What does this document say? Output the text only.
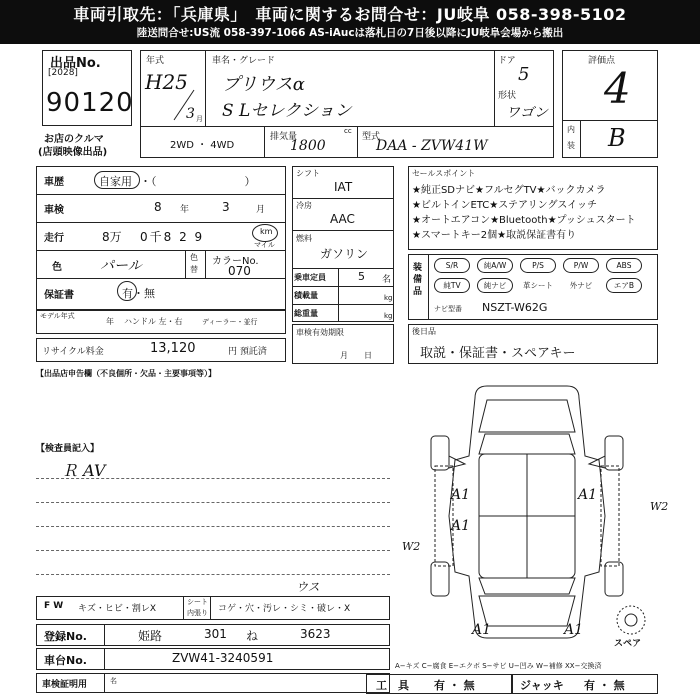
車両引取先：「兵庫県」　車両に関するお問合せ：JU岐阜 058-398-5102
陸送問合せ:US流 058-397-1066 AS-iAucは落札日の7日後以降にJU岐阜会場から搬出
出品No.
[2028]
90120
お店のクルマ
(店頭映像出品)
年式
H25
3 月
車名・グレード
プリウスα
S Lセレクション
ドア
5
形状
ワゴン
2WD ・ 4WD
排気量
cc
1800
型式
DAA - ZVW41W
評価点
4
内
装 B
車歴	自家用 ・（　　　　　　　　）
車検	8 年	3	月
走行	8万 0千8 2 9	km
マイル
色	パール
色
替
カラーNo.
070
保証書	有・無
モデル年式
年 ハンドル 左・右	ディーラー・並行
リサイクル料金	13,120	円 預託済
シフト
IAT
冷房
AAC
燃料
ガソリン
乗車定員	5 名
積載量	kg
総重量	kg
車検有効期限
月　　日
セールスポイント
★純正SDナビ★フルセグTV★バックカメラ
★ビルトインETC★ステアリングスイッチ
★オートエアコン★Bluetooth★プッシュスタート
★スマートキー2個★取説保証書有り
装備品
S/R	純A/W	P/S	P/W	ABS
純TV	純ナビ	革シート	外ナビ	エアB
ナビ型番 NSZT-W62G
後日品
取説・保証書・スペアキー
【出品店申告欄（不良個所・欠品・主要事項等）】
【検査員記入】
Ｒ AV
A1	A1
A1
W2
W2
A1	A1
スペア
F W キズ・ヒビ・割レX
シート
内張り コゲ・穴・汚レ・シミ・破レ・X
ウス
登録No.	姫路	301 ね	3623
車台No.	ZVW41-3240591
車検証明用	名
A−キズ C−腐食 E−エクボ S−サビ U−凹み W−補修 XX−交換済
工　具 有 ・ 無	ジャッキ 有 ・ 無
